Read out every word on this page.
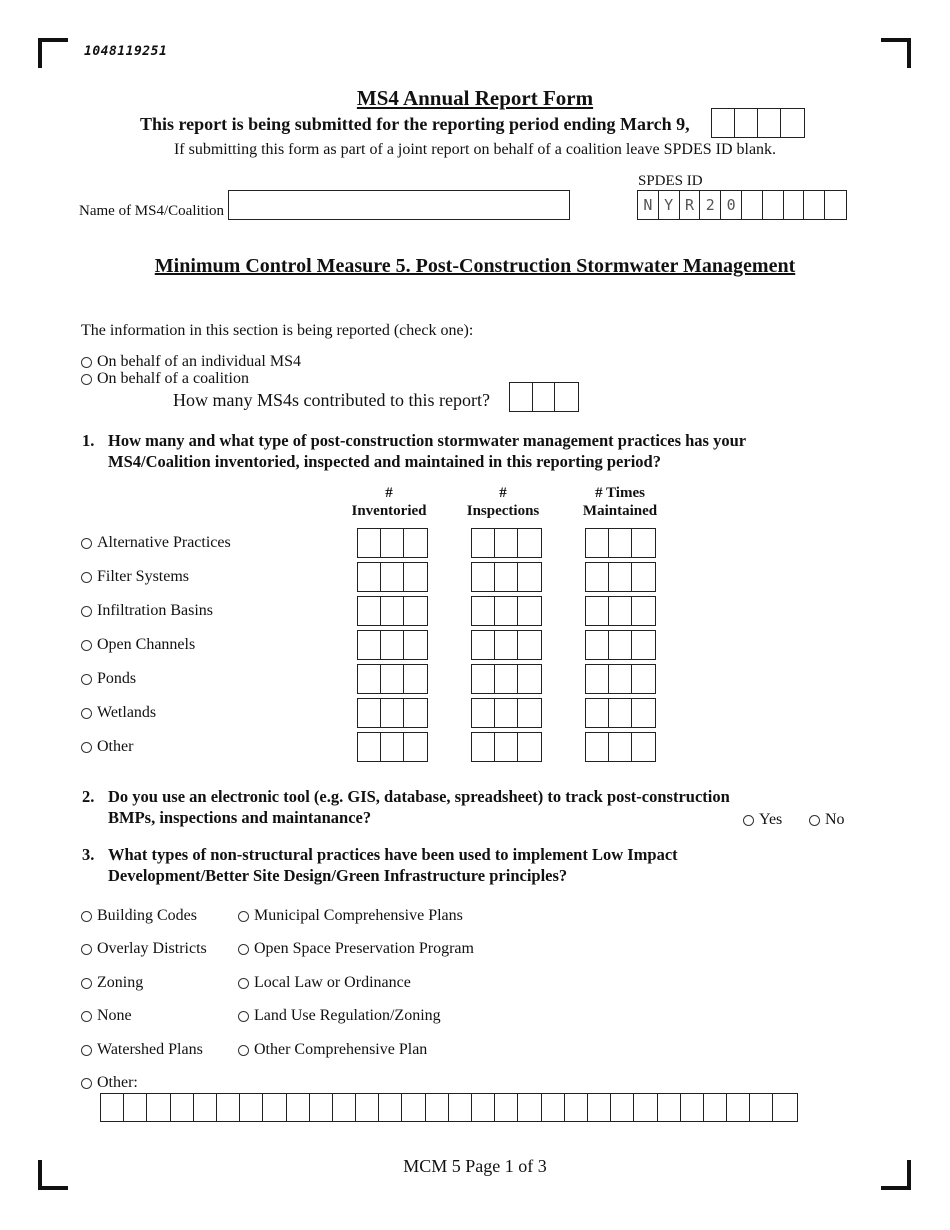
1048119251
MS4 Annual Report Form
This report is being submitted for the reporting period ending March 9,
If submitting this form as part of a joint report on behalf of a coalition leave SPDES ID blank.
SPDES ID
N Y R 2 0
Name of MS4/Coalition
Minimum Control Measure 5. Post-Construction Stormwater Management
The information in this section is being reported (check one):
On behalf of an individual MS4
On behalf of a coalition
How many MS4s contributed to this report?
1. How many and what type of post-construction stormwater management practices has your
MS4/Coalition inventoried, inspected and maintained in this reporting period?
#
Inventoried
#
Inspections
# Times
Maintained
Alternative Practices
Filter Systems
Infiltration Basins
Open Channels
Ponds
Wetlands
Other
2. Do you use an electronic tool (e.g. GIS, database, spreadsheet) to track post-construction
BMPs, inspections and maintanance?	Yes	No
3. What types of non-structural practices have been used to implement Low Impact
Development/Better Site Design/Green Infrastructure principles?
Building Codes
Overlay Districts
Zoning
None
Watershed Plans
Municipal Comprehensive Plans
Open Space Preservation Program
Local Law or Ordinance
Land Use Regulation/Zoning
Other Comprehensive Plan
Other:
MCM 5 Page 1 of 3
